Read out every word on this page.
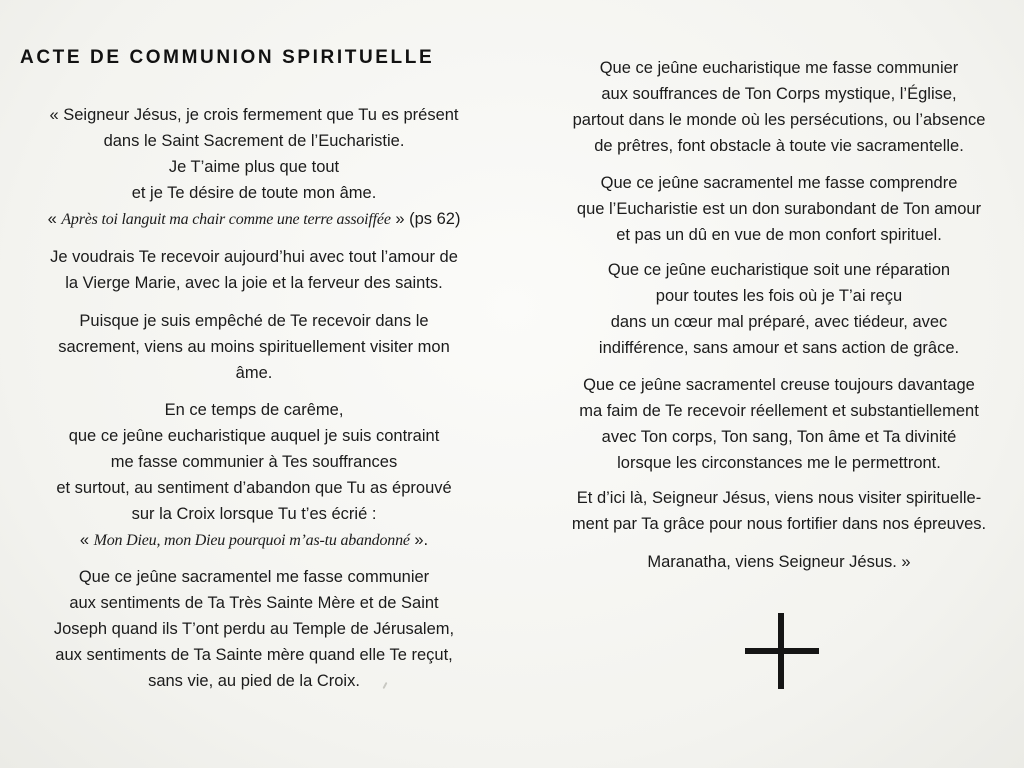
ACTE DE COMMUNION SPIRITUELLE
« Seigneur Jésus, je crois fermement que Tu es présent
dans le Saint Sacrement de l’Eucharistie.
Je T’aime plus que tout
et je Te désire de toute mon âme.
« Après toi languit ma chair comme une terre assoiffée » (ps 62)
Je voudrais Te recevoir aujourd’hui avec tout l’amour de
la Vierge Marie, avec la joie et la ferveur des saints.
Puisque je suis empêché de Te recevoir dans le
sacrement, viens au moins spirituellement visiter mon
âme.
En ce temps de carême,
que ce jeûne eucharistique auquel je suis contraint
me fasse communier à Tes souffrances
et surtout, au sentiment d’abandon que Tu as éprouvé
sur la Croix lorsque Tu t’es écrié :
« Mon Dieu, mon Dieu pourquoi m’as-tu abandonné ».
Que ce jeûne sacramentel me fasse communier
aux sentiments de Ta Très Sainte Mère et de Saint
Joseph quand ils T’ont perdu au Temple de Jérusalem,
aux sentiments de Ta Sainte mère quand elle Te reçut,
sans vie, au pied de la Croix.
Que ce jeûne eucharistique me fasse communier
aux souffrances de Ton Corps mystique, l’Église,
partout dans le monde où les persécutions, ou l’absence
de prêtres, font obstacle à toute vie sacramentelle.
Que ce jeûne sacramentel me fasse comprendre
que l’Eucharistie est un don surabondant de Ton amour
et pas un dû en vue de mon confort spirituel.
Que ce jeûne eucharistique soit une réparation
pour toutes les fois où je T’ai reçu
dans un cœur mal préparé, avec tiédeur, avec
indifférence, sans amour et sans action de grâce.
Que ce jeûne sacramentel creuse toujours davantage
ma faim de Te recevoir réellement et substantiellement
avec Ton corps, Ton sang, Ton âme et Ta divinité
lorsque les circonstances me le permettront.
Et d’ici là, Seigneur Jésus, viens nous visiter spirituelle-
ment par Ta grâce pour nous fortifier dans nos épreuves.
Maranatha, viens Seigneur Jésus. »
